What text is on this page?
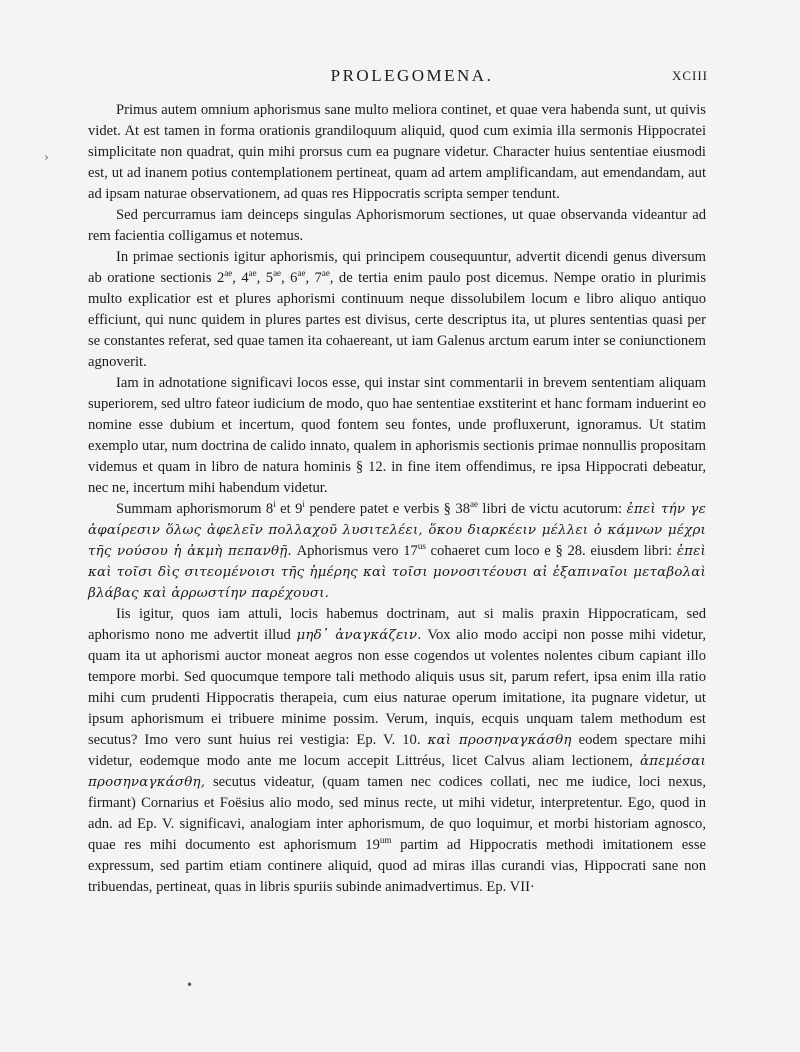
PROLEGOMENA.	XCIII
›

Primus autem omnium aphorismus sane multo meliora continet, et quae vera habenda sunt, ut quivis videt. At est tamen in forma orationis grandiloquum aliquid, quod cum eximia illa sermonis Hippocratei simplicitate non quadrat, quin mihi prorsus cum ea pugnare videtur. Character huius sententiae eiusmodi est, ut ad inanem potius contemplationem pertineat, quam ad artem amplificandam, aut emendandam, aut ad ipsam naturae observationem, ad quas res Hippocratis scripta semper tendunt.

Sed percurramus iam deinceps singulas Aphorismorum sectiones, ut quae observanda videantur ad rem facientia colligamus et notemus.

In primae sectionis igitur aphorismis, qui principem cousequuntur, advertit dicendi genus diversum ab oratione sectionis $2^{ae}$, $4^{ae}$, $5^{ae}$, $6^{ae}$, $7^{ae}$, de tertia enim paulo post dicemus. Nempe oratio in plurimis multo explicatior est et plures aphorismi continuum neque dissolubilem locum e libro aliquo antiquo efficiunt, qui nunc quidem in plures partes est divisus, certe descriptus ita, ut plures sententias quasi per se constantes referat, sed quae tamen ita cohaereant, ut iam Galenus arctum earum inter se coniunctionem agnoverit.

Iam in adnotatione significavi locos esse, qui instar sint commentarii in brevem sententiam aliquam superiorem, sed ultro fateor iudicium de modo, quo hae sententiae exstiterint et hanc formam induerint eo nomine esse dubium et incertum, quod fontem seu fontes, unde profluxerunt, ignoramus. Ut statim exemplo utar, num doctrina de calido innato, qualem in aphorismis sectionis primae nonnullis propositam videmus et quam in libro de natura hominis § 12. in fine item offendimus, re ipsa Hippocrati debeatur, nec ne, incertum mihi habendum videtur.

Summam aphorismorum 8$^i$ et 9$^i$ pendere patet e verbis § $38^{ae}$ libri de victu acutorum: ἐπεὶ τήν γε ἀφαίρεσιν ὅλως ἀφελεῖν πολλαχοῦ λυσιτελέει, ὅκου διαρκέειν μέλλει ὁ κάμνων μέχρι τῆς νούσου ἡ ἀκμὴ πεπανθῇ. Aphorismus vero $17^{us}$ cohaeret cum loco e § 28. eiusdem libri: ἐπεὶ καὶ τοῖσι δὶς σιτεομένοισι τῆς ἡμέρης καὶ τοῖσι μονοσιτέουσι αἱ ἐξαπιναῖοι μεταβολαὶ βλάβας καὶ ἀρρωστίην παρέχουσι.

Iis igitur, quos iam attuli, locis habemus doctrinam, aut si malis praxin Hippocraticam, sed aphorismo nono me advertit illud μηδ᾽ ἀναγκάζειν. Vox alio modo accipi non posse mihi videtur, quam ita ut aphorismi auctor moneat aegros non esse cogendos ut volentes nolentes cibum capiant illo tempore morbi. Sed quocumque tempore tali methodo aliquis usus sit, parum refert, ipsa enim illa ratio mihi cum prudenti Hippocratis therapeia, cum eius naturae operum imitatione, ita pugnare videtur, ut ipsum aphorismum ei tribuere minime possim. Verum, inquis, ecquis unquam talem methodum est secutus? Imo vero sunt huius rei vestigia: Ep. V. 10. καὶ προσηναγκάσθη eodem spectare mihi videtur, eodemque modo ante me locum accepit Littréus, licet Calvus aliam lectionem, ἀπεμέσαι προσηναγκάσθη, secutus videatur, (quam tamen nec codices collati, nec me iudice, loci nexus, firmant) Cornarius et Foësius alio modo, sed minus recte, ut mihi videtur, interpretentur. Ego, quod in adn. ad Ep. V. significavi, analogiam inter aphorismum, de quo loquimur, et morbi historiam agnosco, quae res mihi documento est aphorismum $19^{um}$ partim ad Hippocratis methodi imitationem esse expressum, sed partim etiam continere aliquid, quod ad miras illas curandi vias, Hippocrati sane non tribuendas, pertineat, quas in libris spuriis subinde animadvertimus. Ep. VII·

•
